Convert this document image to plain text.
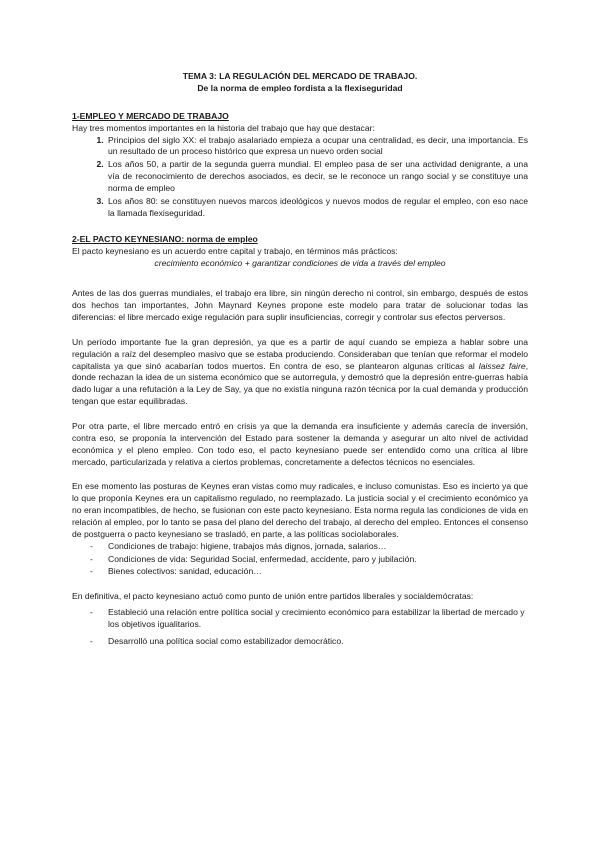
TEMA 3: LA REGULACIÓN DEL MERCADO DE TRABAJO.

De la norma de empleo fordista a la flexiseguridad

1-EMPLEO Y MERCADO DE TRABAJO

Hay tres momentos importantes en la historia del trabajo que hay que destacar:

1. Principios del siglo XX: el trabajo asalariado empieza a ocupar una centralidad, es decir, una importancia. Es un resultado de un proceso histórico que expresa un nuevo orden social
2. Los años 50, a partir de la segunda guerra mundial. El empleo pasa de ser una actividad denigrante, a una vía de reconocimiento de derechos asociados, es decir, se le reconoce un rango social y se constituye una norma de empleo
3. Los años 80: se constituyen nuevos marcos ideológicos y nuevos modos de regular el empleo, con eso nace la llamada flexiseguridad.

2-EL PACTO KEYNESIANO: norma de empleo

El pacto keynesiano es un acuerdo entre capital y trabajo, en términos más prácticos:

crecimiento económico + garantizar condiciones de vida a través del empleo

Antes de las dos guerras mundiales, el trabajo era libre, sin ningún derecho ni control, sin embargo, después de estos dos hechos tan importantes, John Maynard Keynes propone este modelo para tratar de solucionar todas las diferencias: el libre mercado exige regulación para suplir insuficiencias, corregir y controlar sus efectos perversos.

Un período importante fue la gran depresión, ya que es a partir de aquí cuando se empieza a hablar sobre una regulación a raíz del desempleo masivo que se estaba produciendo. Consideraban que tenían que reformar el modelo capitalista ya que sinó acabarían todos muertos. En contra de eso, se plantearon algunas críticas al laissez faire, donde rechazan la idea de un sistema económico que se autorregula, y demostró que la depresión entre-guerras había dado lugar a una refutación a la Ley de Say, ya que no existía ninguna razón técnica por la cual demanda y producción tengan que estar equilibradas.

Por otra parte, el libre mercado entró en crisis ya que la demanda era insuficiente y además carecía de inversión, contra eso, se proponía la intervención del Estado para sostener la demanda y asegurar un alto nivel de actividad económica y el pleno empleo. Con todo eso, el pacto keynesiano puede ser entendido como una crítica al libre mercado, particularizada y relativa a ciertos problemas, concretamente a defectos técnicos no esenciales.

En ese momento las posturas de Keynes eran vistas como muy radicales, e incluso comunistas. Eso es incierto ya que lo que proponía Keynes era un capitalismo regulado, no reemplazado. La justicia social y el crecimiento económico ya no eran incompatibles, de hecho, se fusionan con este pacto keynesiano. Esta norma regula las condiciones de vida en relación al empleo, por lo tanto se pasa del plano del derecho del trabajo, al derecho del empleo. Entonces el consenso de postguerra o pacto keynesiano se trasladó, en parte, a las políticas sociolaborales.

- Condiciones de trabajo: higiene, trabajos más dignos, jornada, salarios…
- Condiciones de vida: Seguridad Social, enfermedad, accidente, paro y jubilación.
- Bienes colectivos: sanidad, educación…

En definitiva, el pacto keynesiano actuó como punto de unión entre partidos liberales y socialdemócratas:

- Estableció una relación entre política social y crecimiento económico para estabilizar la libertad de mercado y los objetivos igualitarios.
- Desarrolló una política social como estabilizador democrático.
